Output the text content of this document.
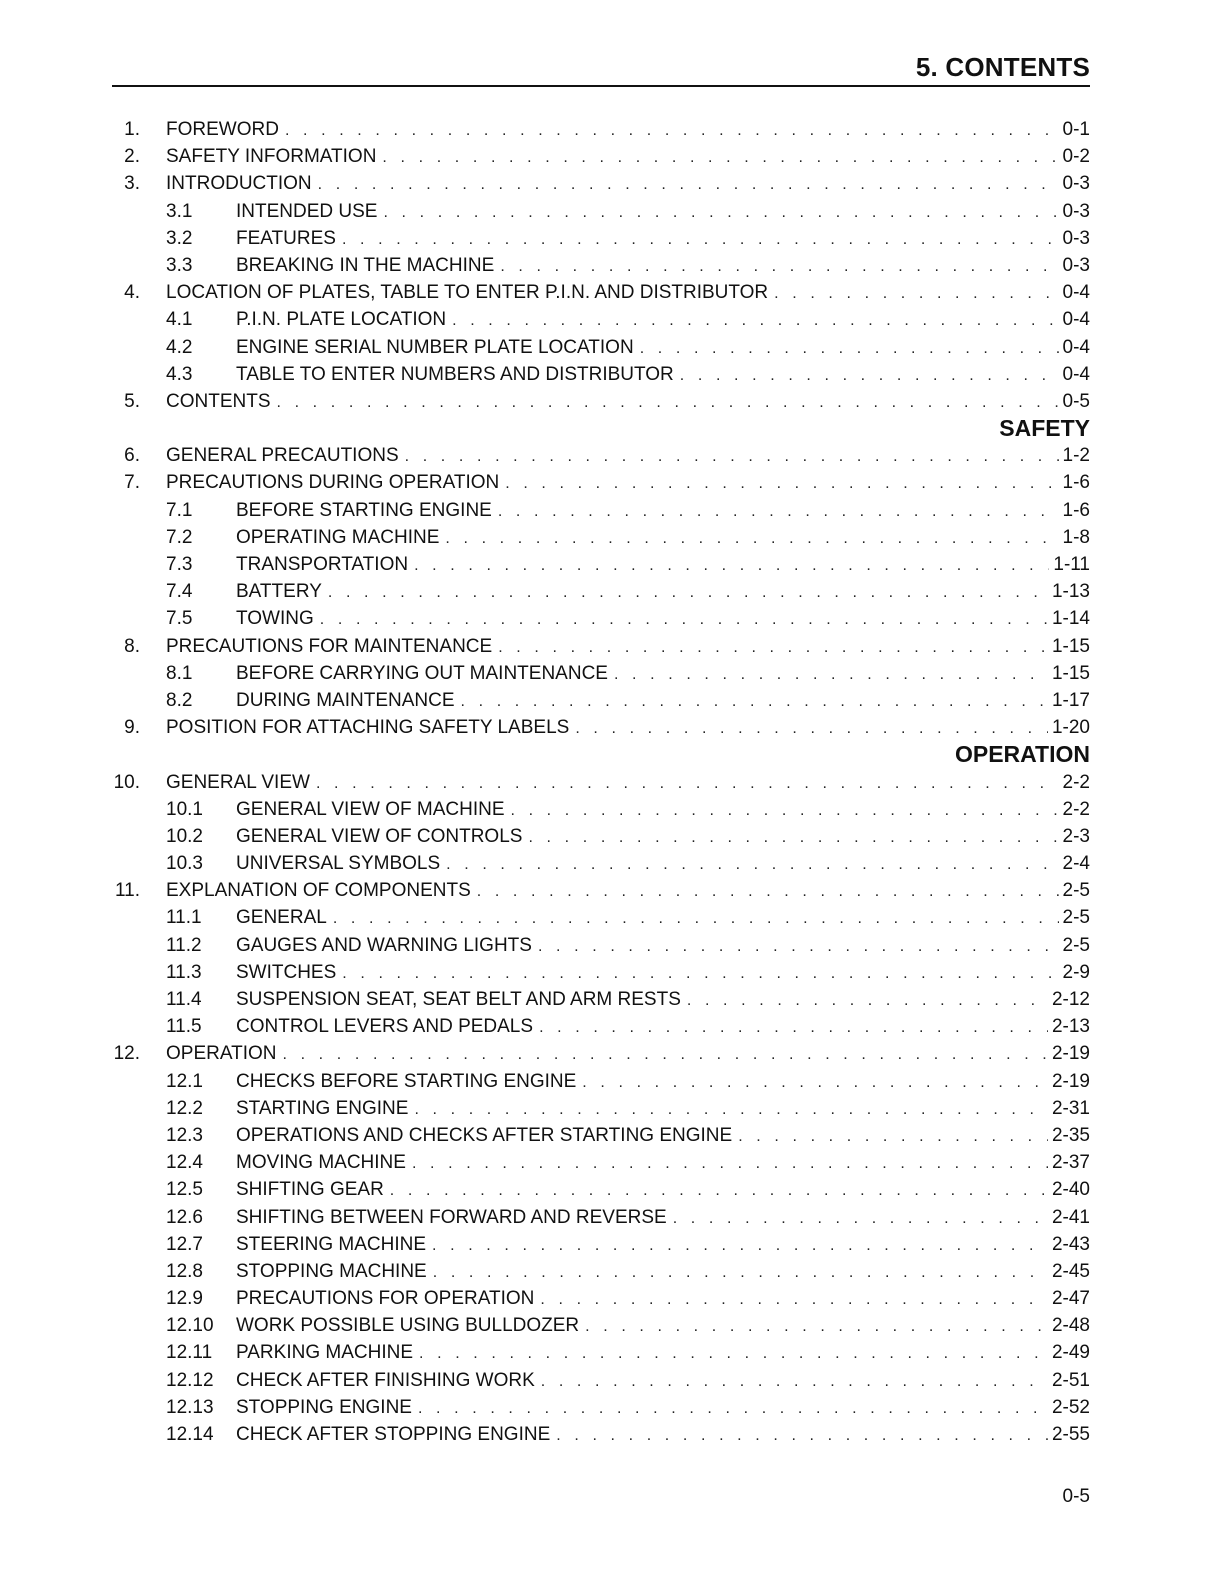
5. CONTENTS
1. FOREWORD . . .	0-1
2. SAFETY INFORMATION . . .	0-2
3. INTRODUCTION . . .	0-3
3.1 INTENDED USE . . .	0-3
3.2 FEATURES . . .	0-3
3.3 BREAKING IN THE MACHINE . . .	0-3
4. LOCATION OF PLATES, TABLE TO ENTER P.I.N. AND DISTRIBUTOR . . .	0-4
4.1 P.I.N. PLATE LOCATION . . .	0-4
4.2 ENGINE SERIAL NUMBER PLATE LOCATION . . .	0-4
4.3 TABLE TO ENTER NUMBERS AND DISTRIBUTOR . . .	0-4
5. CONTENTS . . .	0-5
SAFETY
6. GENERAL PRECAUTIONS . . .	1-2
7. PRECAUTIONS DURING OPERATION . . .	1-6
7.1 BEFORE STARTING ENGINE . . .	1-6
7.2 OPERATING MACHINE . . .	1-8
7.3 TRANSPORTATION . . .	1-11
7.4 BATTERY . . .	1-13
7.5 TOWING . . .	1-14
8. PRECAUTIONS FOR MAINTENANCE . . .	1-15
8.1 BEFORE CARRYING OUT MAINTENANCE . . .	1-15
8.2 DURING MAINTENANCE . . .	1-17
9. POSITION FOR ATTACHING SAFETY LABELS . . .	1-20
OPERATION
10. GENERAL VIEW . . .	2-2
10.1 GENERAL VIEW OF MACHINE . . .	2-2
10.2 GENERAL VIEW OF CONTROLS . . .	2-3
10.3 UNIVERSAL SYMBOLS . . .	2-4
11. EXPLANATION OF COMPONENTS . . .	2-5
11.1 GENERAL . . .	2-5
11.2 GAUGES AND WARNING LIGHTS . . .	2-5
11.3 SWITCHES . . .	2-9
11.4 SUSPENSION SEAT, SEAT BELT AND ARM RESTS . . .	2-12
11.5 CONTROL LEVERS AND PEDALS . . .	2-13
12. OPERATION . . .	2-19
12.1 CHECKS BEFORE STARTING ENGINE . . .	2-19
12.2 STARTING ENGINE . . .	2-31
12.3 OPERATIONS AND CHECKS AFTER STARTING ENGINE . . .	2-35
12.4 MOVING MACHINE . . .	2-37
12.5 SHIFTING GEAR . . .	2-40
12.6 SHIFTING BETWEEN FORWARD AND REVERSE . . .	2-41
12.7 STEERING MACHINE . . .	2-43
12.8 STOPPING MACHINE . . .	2-45
12.9 PRECAUTIONS FOR OPERATION . . .	2-47
12.10 WORK POSSIBLE USING BULLDOZER . . .	2-48
12.11 PARKING MACHINE . . .	2-49
12.12 CHECK AFTER FINISHING WORK . . .	2-51
12.13 STOPPING ENGINE . . .	2-52
12.14 CHECK AFTER STOPPING ENGINE . . .	2-55
0-5
